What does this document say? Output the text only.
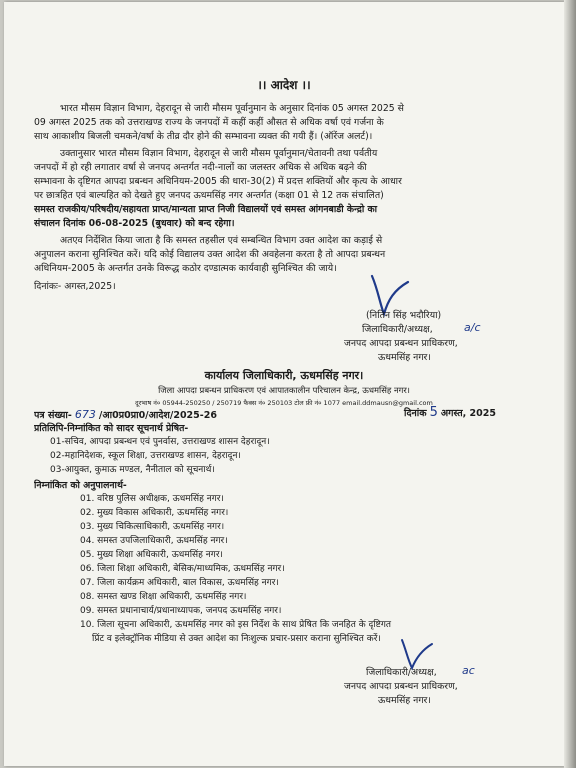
।। आदेश ।।
भारत मौसम विज्ञान विभाग, देहरादून से जारी मौसम पूर्वानुमान के अनुसार दिनांक 05 अगस्त 2025 से
09 अगस्त 2025 तक को उत्तराखण्ड राज्य के जनपदों में कहीं कहीं औसत से अधिक वर्षा एवं गर्जना के
साथ आकाशीय बिजली चमकने/वर्षा के तीव्र दौर होने की सम्भावना व्यक्त की गयी हैं। (ऑरेंज अलर्ट)।
उक्तानुसार भारत मौसम विज्ञान विभाग, देहरादून से जारी मौसम पूर्वानुमान/चेतावनी तथा पर्वतीय
जनपदों में हो रही लगातार वर्षा से जनपद अन्तर्गत नदी-नालों का जलस्तर अधिक से अधिक बढ़ने की
सम्भावना के दृष्टिगत आपदा प्रबन्धन अधिनियम-2005 की धारा-30(2) में प्रदत्त शक्तियों और कृत्य के आधार
पर छात्रहित एवं बाल्यहित को देखते हुए जनपद ऊधमसिंह नगर अन्तर्गत (कक्षा 01 से 12 तक संचालित)
समस्त राजकीय/परिषदीय/सहायता प्राप्त/मान्यता प्राप्त निजी विद्यालयों एवं समस्त आंगनबाडी केन्द्रो का
संचालन दिनांक 06-08-2025 (बुधवार) को बन्द रहेगा।
अतएव निर्देशित किया जाता है कि समस्त तहसील एवं सम्बन्धित विभाग उक्त आदेश का कड़ाई से
अनुपालन कराना सुनिश्चित करें। यदि कोई विद्यालय उक्त आदेश की अवहेलना करता है तो आपदा प्रबन्धन
अधिनियम-2005 के अन्तर्गत उनके विरूद्ध कठोर दण्डात्मक कार्यवाही सुनिश्चित की जाये।
दिनांकः- अगस्त,2025।
(नितिन सिंह भदौरिया)
जिलाधिकारी/अध्यक्ष,	a/c
जनपद आपदा प्रबन्धन प्राधिकरण,
ऊधमसिंह नगर।
कार्यालय जिलाधिकारी, ऊधमसिंह नगर।
जिला आपदा प्रबन्धन प्राधिकरण एवं आपातकालीन परिचालन केन्द्र, ऊधमसिंह नगर।
दूरभाष नं० 05944-250250 / 250719 फैक्स नं० 250103 टोल फ्री नं० 1077 email.ddmausn@gmail.com
पत्र संख्या- 673 /आ0प्र0प्रा0/आदेश/2025-26	दिनांक 5 अगस्त, 2025
प्रतिलिपि-निम्नांकित को सादर सूचनार्थ प्रेषित-
01-सचिव, आपदा प्रबन्धन एवं पुनर्वास, उत्तराखण्ड शासन देहरादून।
02-महानिदेशक, स्कूल शिक्षा, उत्तराखण्ड शासन, देहरादून।
03-आयुक्त, कुमाऊ मण्डल, नैनीताल को सूचनार्थ।
निम्नांकित को अनुपालनार्थ-
01. वरिष्ठ पुलिस अधीक्षक, ऊधमसिंह नगर।
02. मुख्य विकास अधिकारी, ऊधमसिंह नगर।
03. मुख्य चिकित्साधिकारी, ऊधमसिंह नगर।
04. समस्त उपजिलाधिकारी, ऊधमसिंह नगर।
05. मुख्य शिक्षा अधिकारी, ऊधमसिंह नगर।
06. जिला शिक्षा अधिकारी, बेसिक/माध्यमिक, ऊधमसिंह नगर।
07. जिला कार्यक्रम अधिकारी, बाल विकास, ऊधमसिंह नगर।
08. समस्त खण्ड शिक्षा अधिकारी, ऊधमसिंह नगर।
09. समस्त प्रधानाचार्य/प्रधानाध्यापक, जनपद ऊधमसिंह नगर।
10. जिला सूचना अधिकारी, ऊधमसिंह नगर को इस निर्देश के साथ प्रेषित कि जनहित के दृष्टिगत
प्रिंट व इलेक्ट्रॉनिक मीडिया से उक्त आदेश का निःशुल्क प्रचार-प्रसार कराना सुनिश्चित करें।
जिलाधिकारी/अध्यक्ष, ac
जनपद आपदा प्रबन्धन प्राधिकरण,
ऊधमसिंह नगर।
